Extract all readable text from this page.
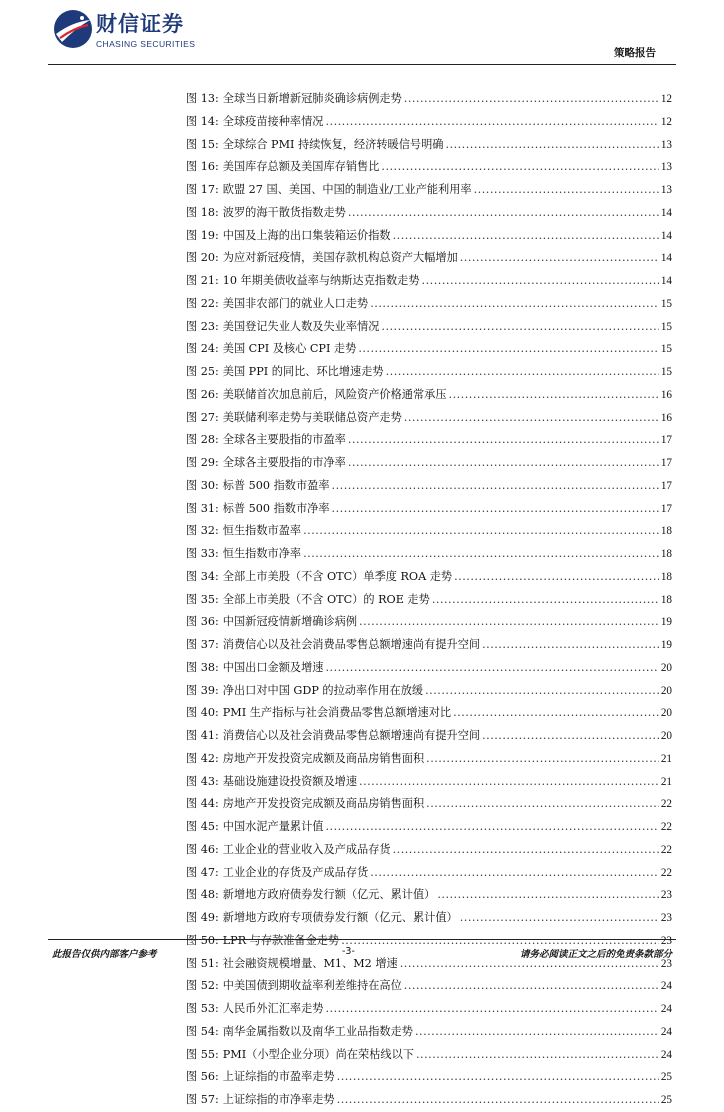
财信证券
CHASING SECURITIES
策略报告
图 13: 全球当日新增新冠肺炎确诊病例走势 .....	12
图 14: 全球疫苗接种率情况 .....	12
图 15: 全球综合 PMI 持续恢复，经济转暖信号明确 .....	13
图 16: 美国库存总额及美国库存销售比 .....	13
图 17: 欧盟 27 国、美国、中国的制造业/工业产能利用率 .....	13
图 18: 波罗的海干散货指数走势 .....	14
图 19: 中国及上海的出口集装箱运价指数 .....	14
图 20: 为应对新冠疫情，美国存款机构总资产大幅增加 .....	14
图 21: 10 年期美债收益率与纳斯达克指数走势 .....	14
图 22: 美国非农部门的就业人口走势 .....	15
图 23: 美国登记失业人数及失业率情况 .....	15
图 24: 美国 CPI 及核心 CPI 走势 .....	15
图 25: 美国 PPI 的同比、环比增速走势 .....	15
图 26: 美联储首次加息前后，风险资产价格通常承压 .....	16
图 27: 美联储利率走势与美联储总资产走势 .....	16
图 28: 全球各主要股指的市盈率 .....	17
图 29: 全球各主要股指的市净率 .....	17
图 30: 标普 500 指数市盈率 .....	17
图 31: 标普 500 指数市净率 .....	17
图 32: 恒生指数市盈率 .....	18
图 33: 恒生指数市净率 .....	18
图 34: 全部上市美股（不含 OTC）单季度 ROA 走势 .....	18
图 35: 全部上市美股（不含 OTC）的 ROE 走势 .....	18
图 36: 中国新冠疫情新增确诊病例 .....	19
图 37: 消费信心以及社会消费品零售总额增速尚有提升空间 .....	19
图 38: 中国出口金额及增速 .....	20
图 39: 净出口对中国 GDP 的拉动率作用在放缓 .....	20
图 40: PMI 生产指标与社会消费品零售总额增速对比 .....	20
图 41: 消费信心以及社会消费品零售总额增速尚有提升空间 .....	20
图 42: 房地产开发投资完成额及商品房销售面积 .....	21
图 43: 基础设施建设投资额及增速 .....	21
图 44: 房地产开发投资完成额及商品房销售面积 .....	22
图 45: 中国水泥产量累计值 .....	22
图 46: 工业企业的营业收入及产成品存货 .....	22
图 47: 工业企业的存货及产成品存货 .....	22
图 48: 新增地方政府债券发行额（亿元、累计值） .....	23
图 49: 新增地方政府专项债券发行额（亿元、累计值） .....	23
图 50: LPR 与存款准备金走势 .....	23
图 51: 社会融资规模增量、M1、M2 增速 .....	23
图 52: 中美国债到期收益率利差维持在高位 .....	24
图 53: 人民币外汇汇率走势 .....	24
图 54: 南华金属指数以及南华工业品指数走势 .....	24
图 55: PMI（小型企业分项）尚在荣枯线以下 .....	24
图 56: 上证综指的市盈率走势 .....	25
图 57: 上证综指的市净率走势 .....	25
此报告仅供内部客户参考	-3-	请务必阅读正文之后的免责条款部分
